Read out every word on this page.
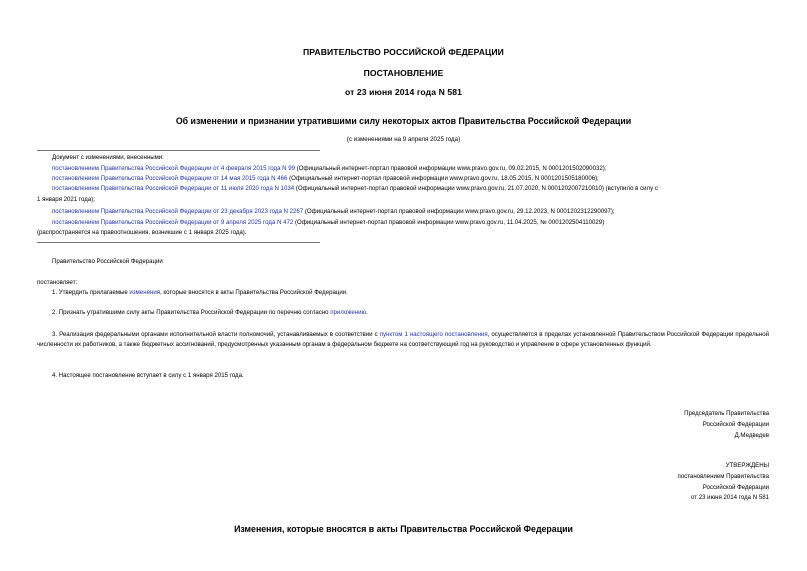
ПРАВИТЕЛЬСТВО РОССИЙСКОЙ ФЕДЕРАЦИИ
ПОСТАНОВЛЕНИЕ
от 23 июня 2014 года N 581
Об изменении и признании утратившими силу некоторых актов Правительства Российской Федерации
(с изменениями на 9 апреля 2025 года)
Документ с изменениями, внесенными:
постановлением Правительства Российской Федерации от 4 февраля 2015 года N 99 (Официальный интернет-портал правовой информации www.pravo.gov.ru, 09.02.2015, N 0001201502090032);
постановлением Правительства Российской Федерации от 14 мая 2015 года N 466 (Официальный интернет-портал правовой информации www.pravo.gov.ru, 18.05.2015, N 0001201505180006);
постановлением Правительства Российской Федерации от 11 июля 2020 года N 1034 (Официальный интернет-портал правовой информации www.pravo.gov.ru, 21.07.2020, N 0001202007210010) (вступило в силу с
1 января 2021 года);
постановлением Правительства Российской Федерации от 23 декабря 2023 года N 2267 (Официальный интернет-портал правовой информации www.pravo.gov.ru, 29.12.2023, N 0001202312290097);
постановлением Правительства Российской Федерации от 9 апреля 2025 года N 472 (Официальный интернет-портал правовой информации www.pravo.gov.ru, 11.04.2025, № 0001202504110029)
(распространяется на правоотношения, возникшие с 1 января 2025 года).
Правительство Российской Федерации
постановляет:
1. Утвердить прилагаемые изменения, которые вносятся в акты Правительства Российской Федерации.
2. Признать утратившими силу акты Правительства Российской Федерации по перечню согласно приложению.
3. Реализация федеральными органами исполнительной власти полномочий, устанавливаемых в соответствии с пунктом 1 настоящего постановления, осуществляется в пределах установленной Правительством Российской Федерации предельной численности их работников, а также бюджетных ассигнований, предусмотренных указанным органам в федеральном бюджете на соответствующий год на руководство и управление в сфере установленных функций.
4. Настоящее постановление вступает в силу с 1 января 2015 года.
Председатель Правительства
Российской Федерации
Д.Медведев
УТВЕРЖДЕНЫ
постановлением Правительства
Российской Федерации
от 23 июня 2014 года N 581
Изменения, которые вносятся в акты Правительства Российской Федерации
